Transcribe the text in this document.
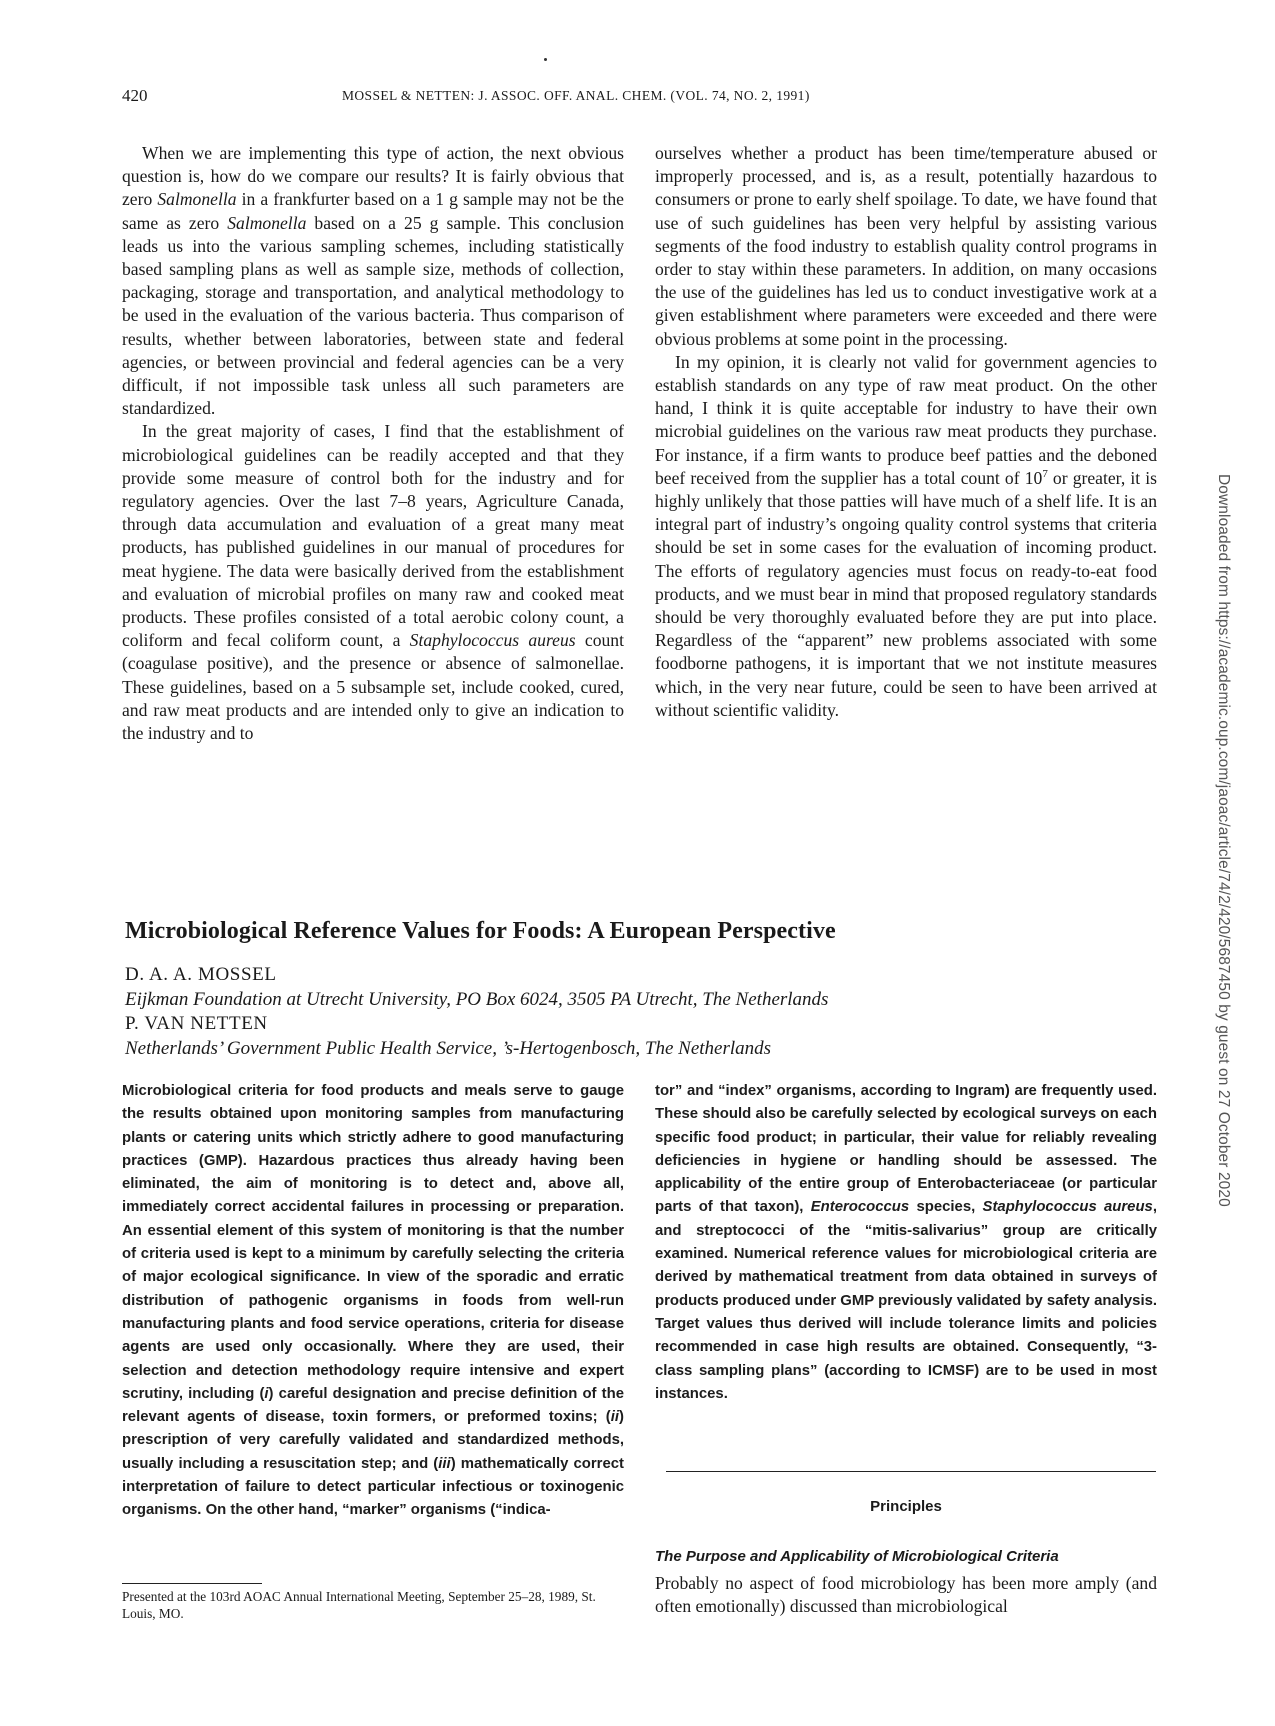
420	MOSSEL & NETTEN: J. ASSOC. OFF. ANAL. CHEM. (VOL. 74, NO. 2, 1991)

When we are implementing this type of action, the next obvious question is, how do we compare our results? It is fairly obvious that zero Salmonella in a frankfurter based on a 1 g sample may not be the same as zero Salmonella based on a 25 g sample. This conclusion leads us into the various sampling schemes, including statistically based sampling plans as well as sample size, methods of collection, packaging, storage and transportation, and analytical methodology to be used in the evaluation of the various bacteria. Thus comparison of results, whether between laboratories, between state and federal agencies, or between provincial and federal agencies can be a very difficult, if not impossible task unless all such parameters are standardized.

In the great majority of cases, I find that the establishment of microbiological guidelines can be readily accepted and that they provide some measure of control both for the industry and for regulatory agencies. Over the last 7–8 years, Agriculture Canada, through data accumulation and evaluation of a great many meat products, has published guidelines in our manual of procedures for meat hygiene. The data were basically derived from the establishment and evaluation of microbial profiles on many raw and cooked meat products. These profiles consisted of a total aerobic colony count, a coliform and fecal coliform count, a Staphylococcus aureus count (coagulase positive), and the presence or absence of salmonellae. These guidelines, based on a 5 subsample set, include cooked, cured, and raw meat products and are intended only to give an indication to the industry and to

ourselves whether a product has been time/temperature abused or improperly processed, and is, as a result, potentially hazardous to consumers or prone to early shelf spoilage. To date, we have found that use of such guidelines has been very helpful by assisting various segments of the food industry to establish quality control programs in order to stay within these parameters. In addition, on many occasions the use of the guidelines has led us to conduct investigative work at a given establishment where parameters were exceeded and there were obvious problems at some point in the processing.

In my opinion, it is clearly not valid for government agencies to establish standards on any type of raw meat product. On the other hand, I think it is quite acceptable for industry to have their own microbial guidelines on the various raw meat products they purchase. For instance, if a firm wants to produce beef patties and the deboned beef received from the supplier has a total count of $10^7$ or greater, it is highly unlikely that those patties will have much of a shelf life. It is an integral part of industry’s ongoing quality control systems that criteria should be set in some cases for the evaluation of incoming product. The efforts of regulatory agencies must focus on ready-to-eat food products, and we must bear in mind that proposed regulatory standards should be very thoroughly evaluated before they are put into place. Regardless of the “apparent” new problems associated with some foodborne pathogens, it is important that we not institute measures which, in the very near future, could be seen to have been arrived at without scientific validity.	Downloaded from https://academic.oup.com/jaoac/article/74/2/420/5687450 by guest on 27 October 2020
Microbiological Reference Values for Foods: A European Perspective
D. A. A. MOSSEL
Eijkman Foundation at Utrecht University, PO Box 6024, 3505 PA Utrecht, The Netherlands
P. VAN NETTEN
Netherlands’ Government Public Health Service, ’s-Hertogenbosch, The Netherlands

Microbiological criteria for food products and meals serve to gauge the results obtained upon monitoring samples from manufacturing plants or catering units which strictly adhere to good manufacturing practices (GMP). Hazardous practices thus already having been eliminated, the aim of monitoring is to detect and, above all, immediately correct accidental failures in processing or preparation. An essential element of this system of monitoring is that the number of criteria used is kept to a minimum by carefully selecting the criteria of major ecological significance. In view of the sporadic and erratic distribution of pathogenic organisms in foods from well-run manufacturing plants and food service operations, criteria for disease agents are used only occasionally. Where they are used, their selection and detection methodology require intensive and expert scrutiny, including (i) careful designation and precise definition of the relevant agents of disease, toxin formers, or preformed toxins; (ii) prescription of very carefully validated and standardized methods, usually including a resuscitation step; and (iii) mathematically correct interpretation of failure to detect particular infectious or toxinogenic organisms. On the other hand, “marker” organisms (“indica-

tor” and “index” organisms, according to Ingram) are frequently used. These should also be carefully selected by ecological surveys on each specific food product; in particular, their value for reliably revealing deficiencies in hygiene or handling should be assessed. The applicability of the entire group of Enterobacteriaceae (or particular parts of that taxon), Enterococcus species, Staphylococcus aureus, and streptococci of the “mitis-salivarius” group are critically examined. Numerical reference values for microbiological criteria are derived by mathematical treatment from data obtained in surveys of products produced under GMP previously validated by safety analysis. Target values thus derived will include tolerance limits and policies recommended in case high results are obtained. Consequently, “3-class sampling plans” (according to ICMSF) are to be used in most instances.

Principles
The Purpose and Applicability of Microbiological Criteria

Probably no aspect of food microbiology has been more amply (and often emotionally) discussed than microbiological

Presented at the 103rd AOAC Annual International Meeting, September 25–28, 1989, St. Louis, MO.
